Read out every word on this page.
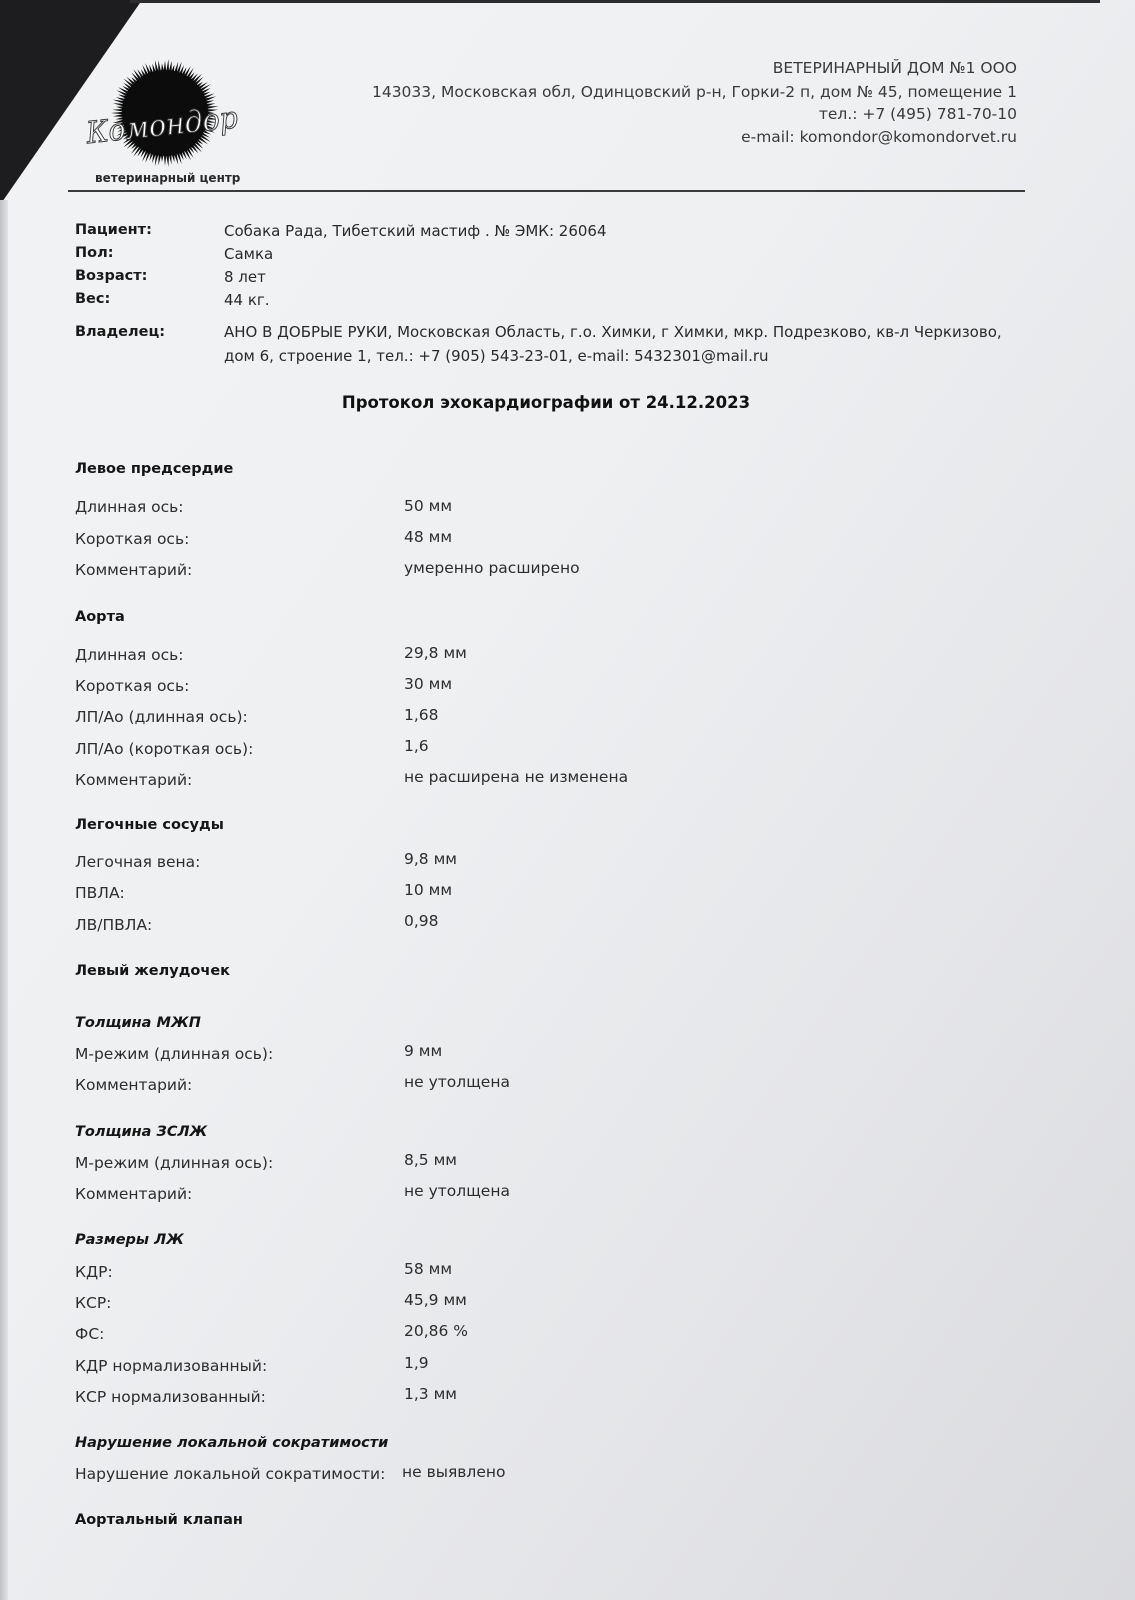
Комондор
ветеринарный центр
ВЕТЕРИНАРНЫЙ ДОМ №1 ООО
143033, Московская обл, Одинцовский р-н, Горки-2 п, дом № 45, помещение 1
тел.: +7 (495) 781-70-10
e-mail: komondor@komondorvet.ru
Пациент:	Собака Рада, Тибетский мастиф . № ЭМК: 26064
Пол:	Самка
Возраст:	8 лет
Вес:	44 кг.
Владелец:	АНО В ДОБРЫЕ РУКИ, Московская Область, г.о. Химки, г Химки, мкр. Подрезково, кв-л Черкизово,
дом 6, строение 1, тел.: +7 (905) 543-23-01, e-mail: 5432301@mail.ru
Протокол эхокардиографии от 24.12.2023
Левое предсердие
Длинная ось:	50 мм
Короткая ось:	48 мм
Комментарий:	умеренно расширено
Аорта
Длинная ось:	29,8 мм
Короткая ось:	30 мм
ЛП/Ао (длинная ось):	1,68
ЛП/Ао (короткая ось):	1,6
Комментарий:	не расширена не изменена
Легочные сосуды
Легочная вена:	9,8 мм
ПВЛА:	10 мм
ЛВ/ПВЛА:	0,98
Левый желудочек
Толщина МЖП
М-режим (длинная ось):	9 мм
Комментарий:	не утолщена
Толщина ЗСЛЖ
М-режим (длинная ось):	8,5 мм
Комментарий:	не утолщена
Размеры ЛЖ
КДР:	58 мм
КСР:	45,9 мм
ФС:	20,86 %
КДР нормализованный:	1,9
КСР нормализованный:	1,3 мм
Нарушение локальной сократимости
Нарушение локальной сократимости: не выявлено
Аортальный клапан
